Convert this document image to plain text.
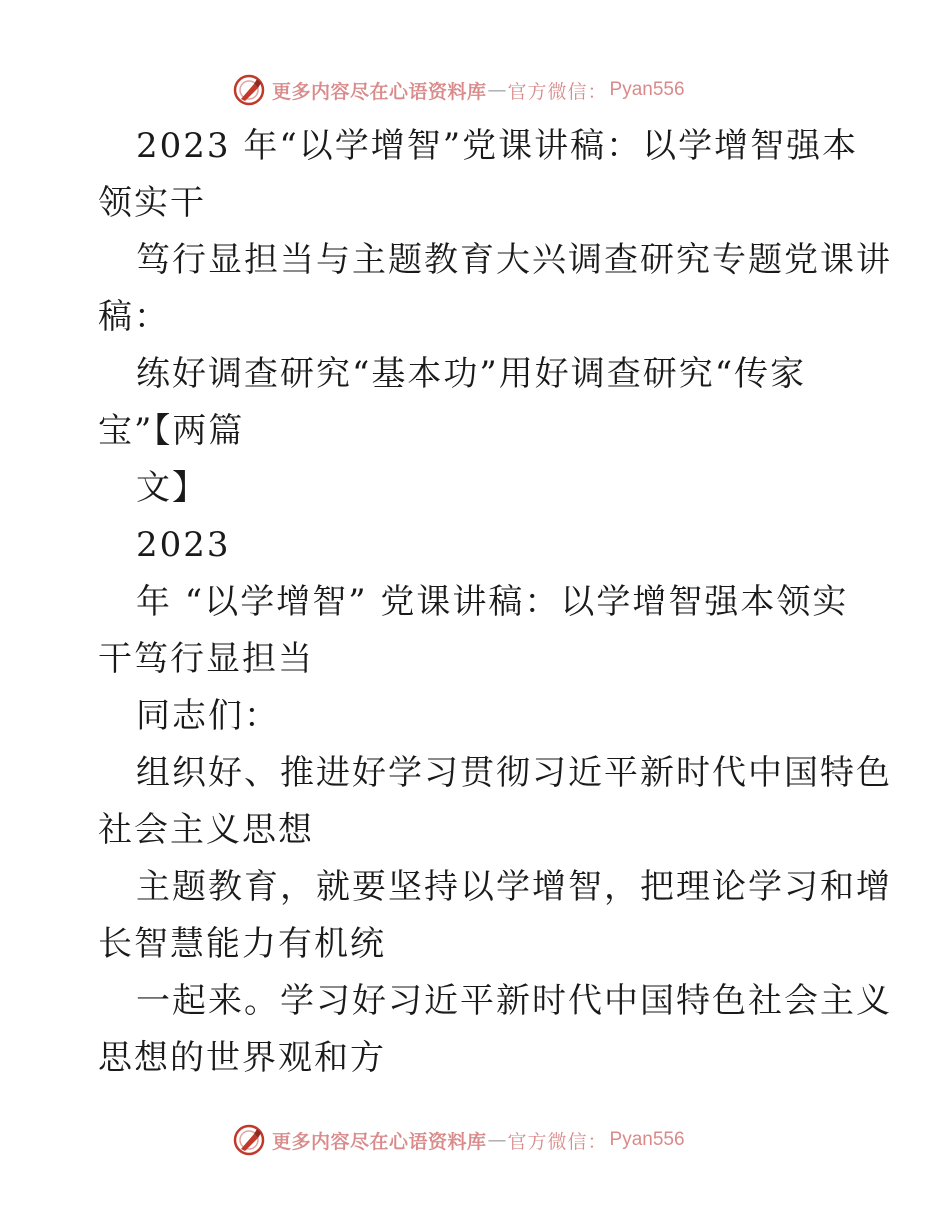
更多内容尽在心语资料库 — 官方微信： Pyan556

2023 年“以学增智”党课讲稿：以学增智强本
领实干

笃行显担当与主题教育大兴调查研究专题党课讲
稿：

练好调查研究“基本功”用好调查研究“传家
宝”【两篇

文】

2023

年 “以学增智” 党课讲稿：以学增智强本领实
干笃行显担当

同志们：

组织好、推进好学习贯彻习近平新时代中国特色
社会主义思想

主题教育，就要坚持以学增智，把理论学习和增
长智慧能力有机统

一起来。学习好习近平新时代中国特色社会主义
思想的世界观和方

更多内容尽在心语资料库 — 官方微信： Pyan556
